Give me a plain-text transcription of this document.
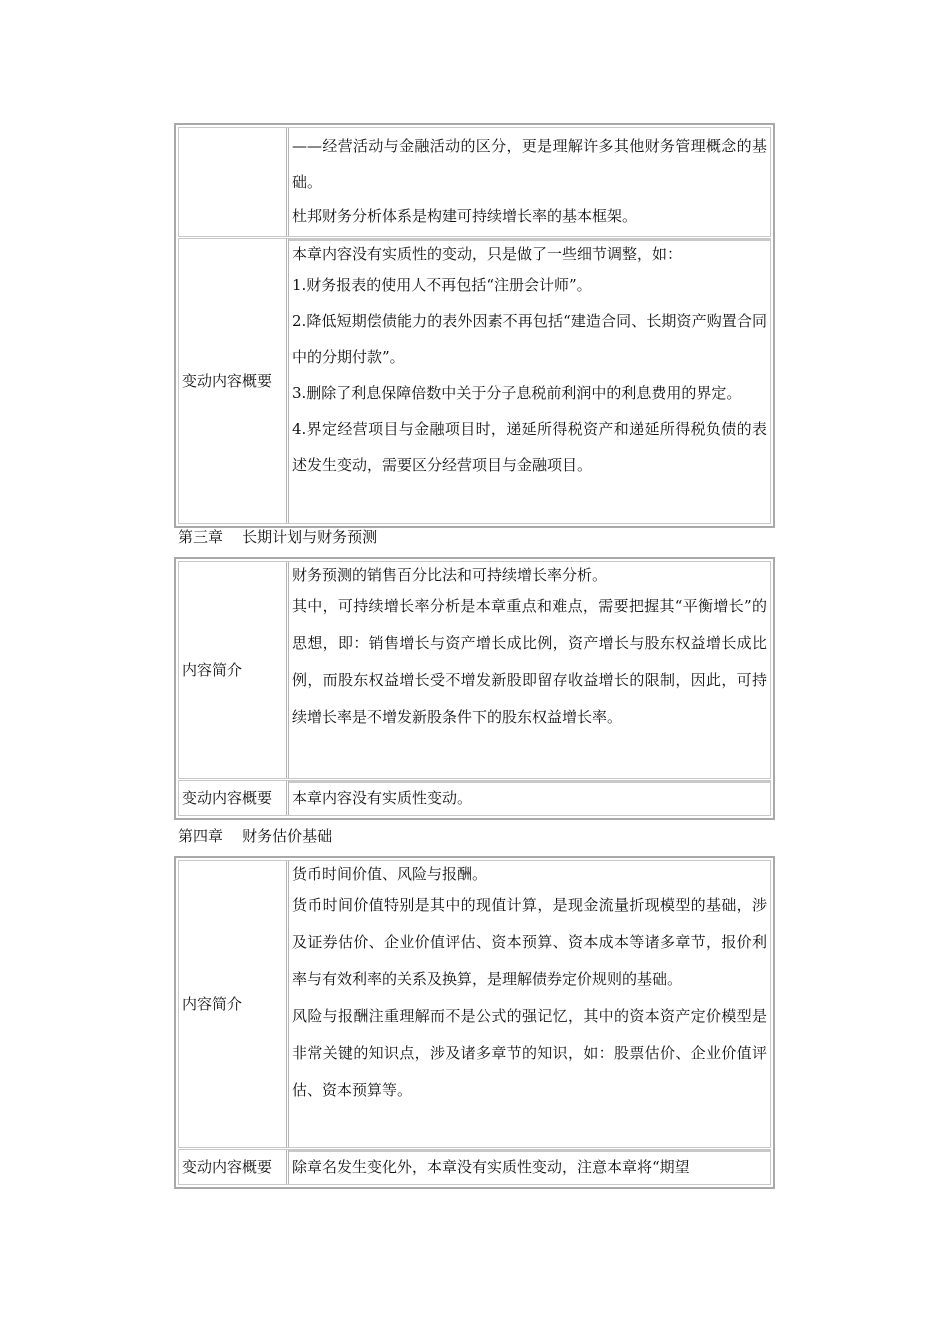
——经营活动与金融活动的区分，更是理解许多其他财务管理概念的基础。

杜邦财务分析体系是构建可持续增长率的基本框架。

变动内容概要

本章内容没有实质性的变动，只是做了一些细节调整，如：

1.财务报表的使用人不再包括“注册会计师”。

2.降低短期偿债能力的表外因素不再包括“建造合同、长期资产购置合同中的分期付款”。

3.删除了利息保障倍数中关于分子息税前利润中的利息费用的界定。

4.界定经营项目与金融项目时，递延所得税资产和递延所得税负债的表述发生变动，需要区分经营项目与金融项目。

第三章    长期计划与财务预测
内容简介

财务预测的销售百分比法和可持续增长率分析。

其中，可持续增长率分析是本章重点和难点，需要把握其“平衡增长”的思想，即：销售增长与资产增长成比例，资产增长与股东权益增长成比例，而股东权益增长受不增发新股即留存收益增长的限制，因此，可持续增长率是不增发新股条件下的股东权益增长率。

变动内容概要	本章内容没有实质性变动。

第四章    财务估价基础
内容简介

货币时间价值、风险与报酬。

货币时间价值特别是其中的现值计算，是现金流量折现模型的基础，涉及证券估价、企业价值评估、资本预算、资本成本等诸多章节，报价利率与有效利率的关系及换算，是理解债券定价规则的基础。

风险与报酬注重理解而不是公式的强记忆，其中的资本资产定价模型是非常关键的知识点，涉及诸多章节的知识，如：股票估价、企业价值评估、资本预算等。

变动内容概要	除章名发生变化外，本章没有实质性变动，注意本章将“期望
